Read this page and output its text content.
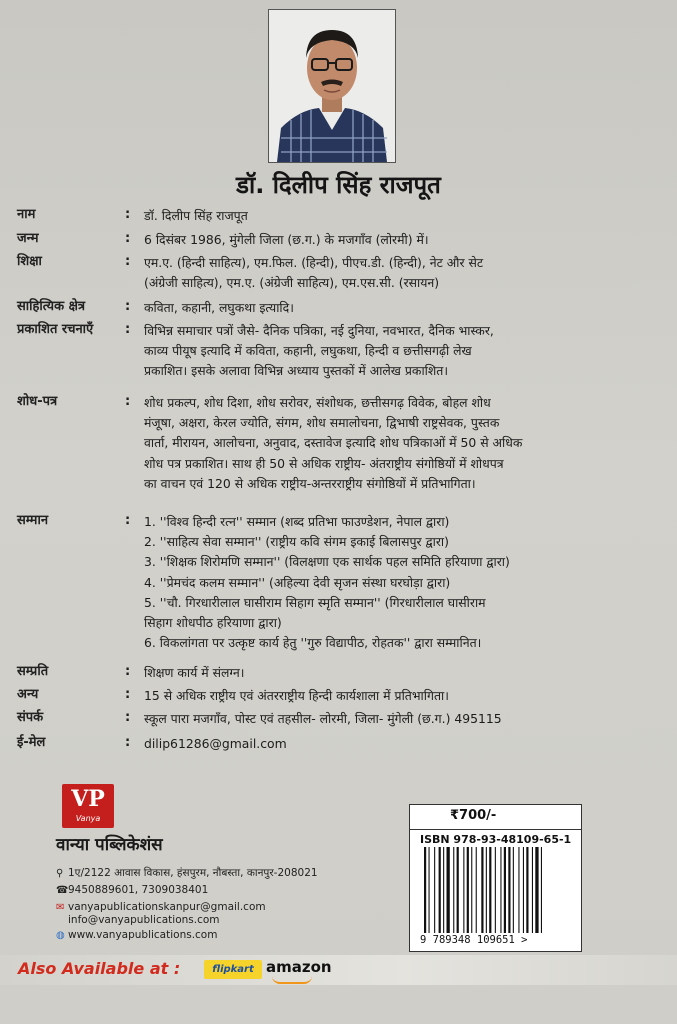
डॉ. दिलीप सिंह राजपूत
नाम	: डॉ. दिलीप सिंह राजपूत
जन्म	: 6 दिसंबर 1986, मुंगेली जिला (छ.ग.) के मजगाँव (लोरमी) में।
शिक्षा	: एम.ए. (हिन्दी साहित्य), एम.फिल. (हिन्दी), पीएच.डी. (हिन्दी), नेट और सेट
(अंग्रेजी साहित्य), एम.ए. (अंग्रेजी साहित्य), एम.एस.सी. (रसायन)
साहित्यिक क्षेत्र	: कविता, कहानी, लघुकथा इत्यादि।
प्रकाशित रचनाएँ : विभिन्न समाचार पत्रों जैसे- दैनिक पत्रिका, नई दुनिया, नवभारत, दैनिक भास्कर,
काव्य पीयूष इत्यादि में कविता, कहानी, लघुकथा, हिन्दी व छत्तीसगढ़ी लेख
प्रकाशित। इसके अलावा विभिन्न अध्याय पुस्तकों में आलेख प्रकाशित।
शोध-पत्र	: शोध प्रकल्प, शोध दिशा, शोध सरोवर, संशोधक, छत्तीसगढ़ विवेक, बोहल शोध
मंजूषा, अक्षरा, केरल ज्योति, संगम, शोध समालोचना, द्विभाषी राष्ट्रसेवक, पुस्तक
वार्ता, मीरायन, आलोचना, अनुवाद, दस्तावेज इत्यादि शोध पत्रिकाओं में 50 से अधिक
शोध पत्र प्रकाशित। साथ ही 50 से अधिक राष्ट्रीय- अंतराष्ट्रीय संगोष्ठियों में शोधपत्र
का वाचन एवं 120 से अधिक राष्ट्रीय-अन्तरराष्ट्रीय संगोष्ठियों में प्रतिभागिता।
सम्मान	: 1. ''विश्व हिन्दी रत्न'' सम्मान (शब्द प्रतिभा फाउण्डेशन, नेपाल द्वारा)
2. ''साहित्य सेवा सम्मान'' (राष्ट्रीय कवि संगम इकाई बिलासपुर द्वारा)
3. ''शिक्षक शिरोमणि सम्मान'' (विलक्षणा एक सार्थक पहल समिति हरियाणा द्वारा)
4. ''प्रेमचंद कलम सम्मान'' (अहिल्या देवी सृजन संस्था घरघोड़ा द्वारा)
5. ''चौ. गिरधारीलाल घासीराम सिहाग स्मृति सम्मान'' (गिरधारीलाल घासीराम
सिहाग शोधपीठ हरियाणा द्वारा)
6. विकलांगता पर उत्कृष्ट कार्य हेतु ''गुरु विद्यापीठ, रोहतक'' द्वारा सम्मानित।
सम्प्रति	: शिक्षण कार्य में संलग्न।
अन्य	: 15 से अधिक राष्ट्रीय एवं अंतरराष्ट्रीय हिन्दी कार्यशाला में प्रतिभागिता।
संपर्क	: स्कूल पारा मजगाँव, पोस्ट एवं तहसील- लोरमी, जिला- मुंगेली (छ.ग.) 495115
ई-मेल	: dilip61286@gmail.com
VP
Vanya
वान्या पब्लिकेशंस
⚲ 1ए/2122 आवास विकास, हंसपुरम, नौबस्ता, कानपुर-208021
☎9450889601, 7309038401
✉ vanyapublicationskanpur@gmail.com
info@vanyapublications.com
◍ www.vanyapublications.com
₹700/-
ISBN 978-93-48109-65-1
9 789348 109651 >
Also Available at :	flipkart amazon
